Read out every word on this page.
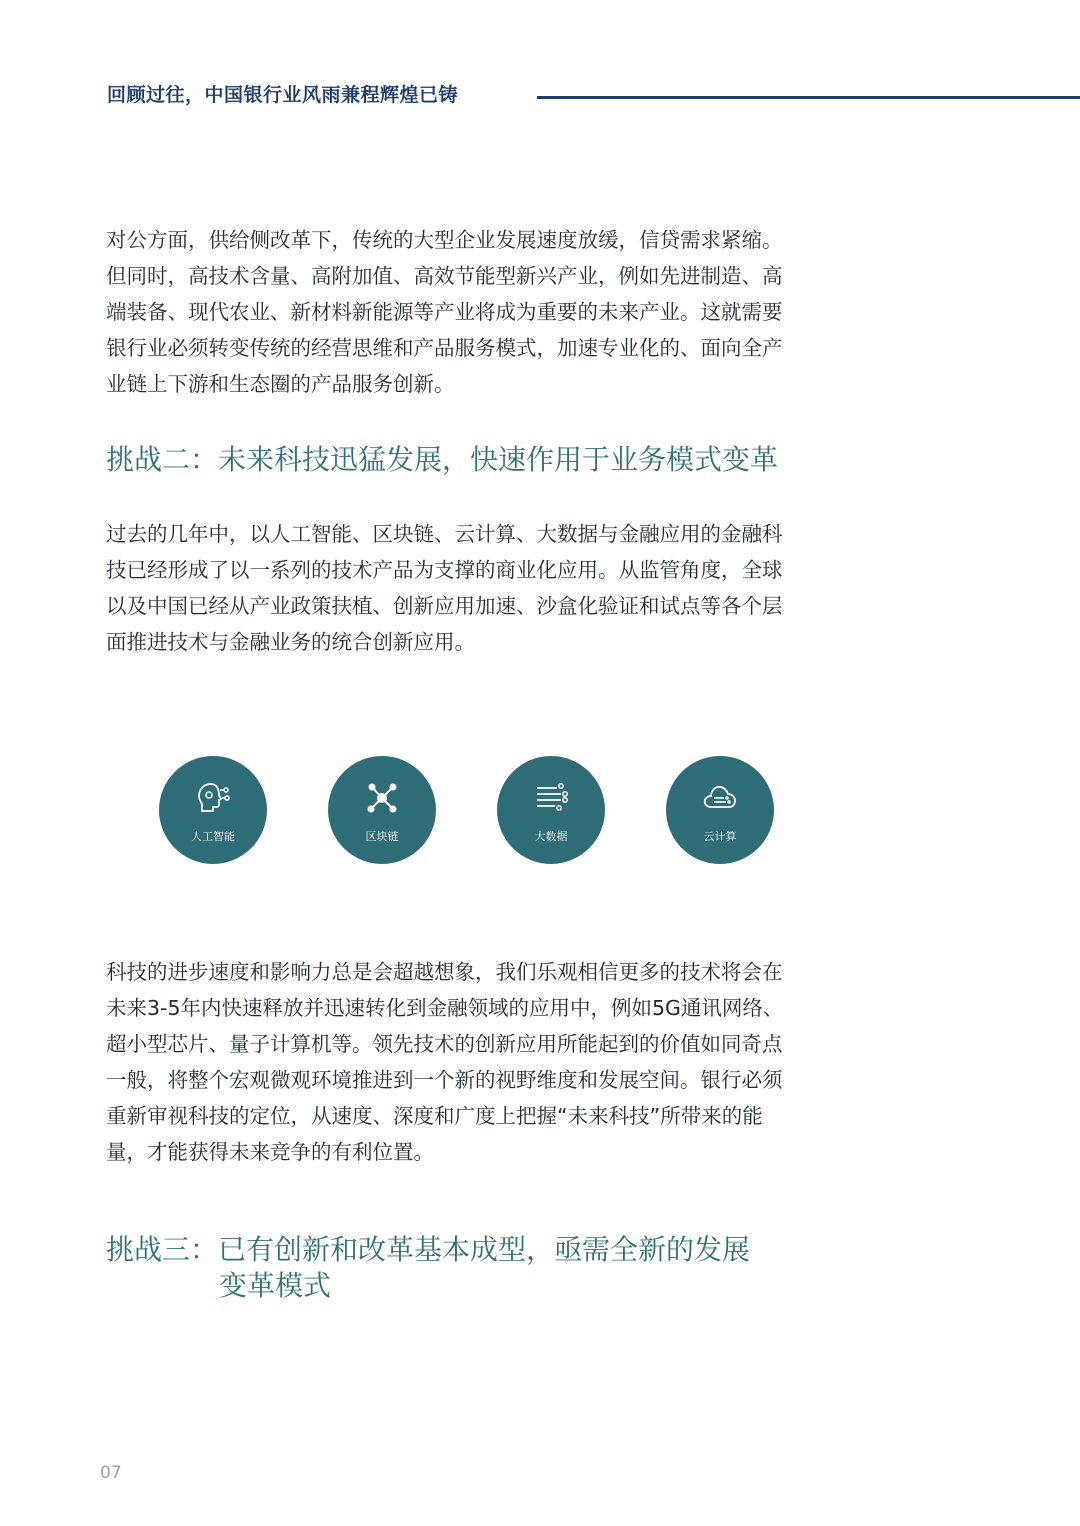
回顾过往，中国银行业风雨兼程辉煌已铸
对公方面，供给侧改革下，传统的大型企业发展速度放缓，信贷需求紧缩。
但同时，高技术含量、高附加值、高效节能型新兴产业，例如先进制造、高
端装备、现代农业、新材料新能源等产业将成为重要的未来产业。这就需要
银行业必须转变传统的经营思维和产品服务模式，加速专业化的、面向全产
业链上下游和生态圈的产品服务创新。
挑战二：未来科技迅猛发展，快速作用于业务模式变革
过去的几年中，以人工智能、区块链、云计算、大数据与金融应用的金融科
技已经形成了以一系列的技术产品为支撑的商业化应用。从监管角度，全球
以及中国已经从产业政策扶植、创新应用加速、沙盒化验证和试点等各个层
面推进技术与金融业务的统合创新应用。
人工智能	区块链	大数据	云计算
科技的进步速度和影响力总是会超越想象，我们乐观相信更多的技术将会在
未来3-5年内快速释放并迅速转化到金融领域的应用中，例如5G通讯网络、
超小型芯片、量子计算机等。领先技术的创新应用所能起到的价值如同奇点
一般，将整个宏观微观环境推进到一个新的视野维度和发展空间。银行必须
重新审视科技的定位，从速度、深度和广度上把握“未来科技”所带来的能
量，才能获得未来竞争的有利位置。
挑战三：已有创新和改革基本成型，亟需全新的发展
变革模式
07
